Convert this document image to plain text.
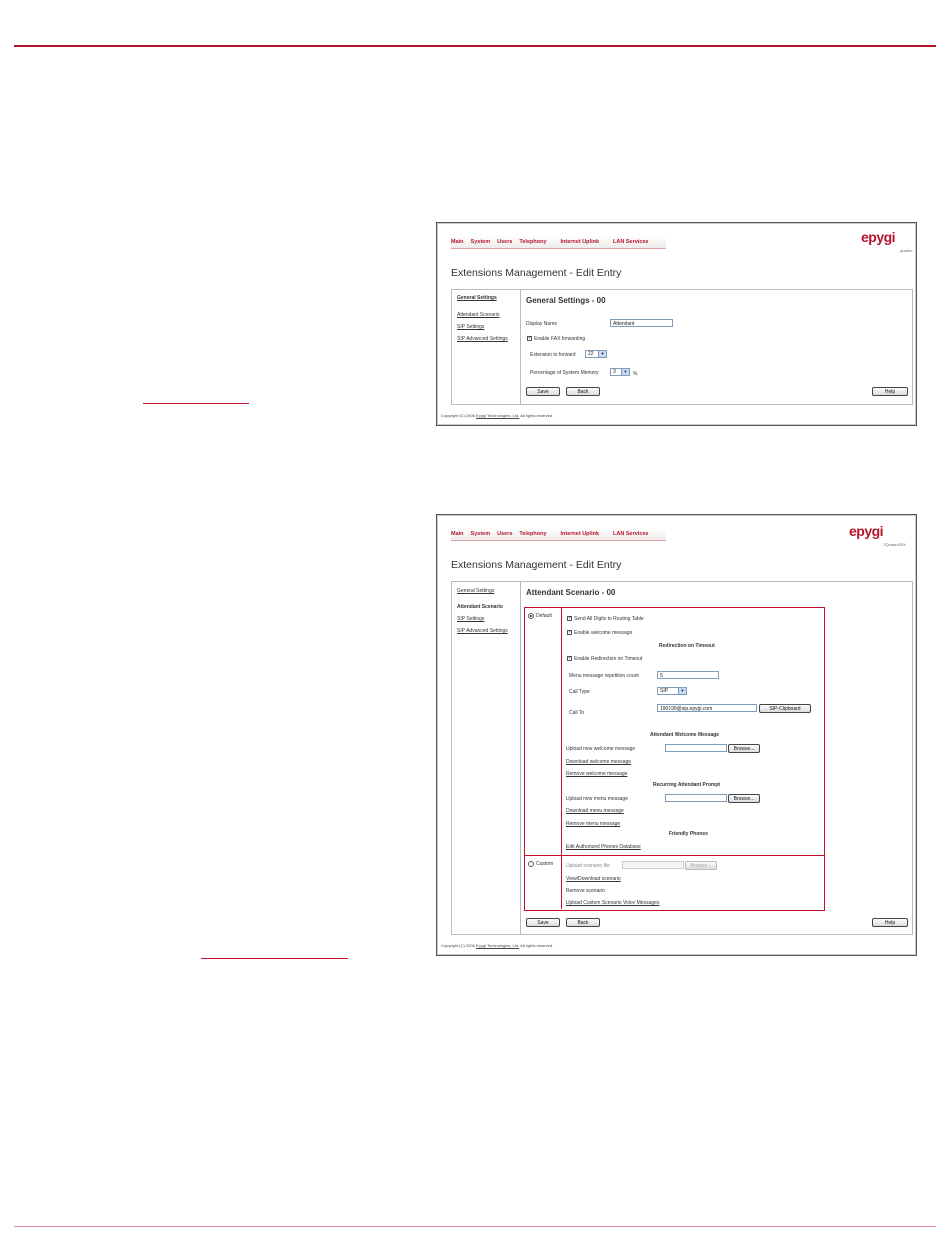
Main System Users Telephony	Internet Uplink	LAN Services	epygi
quadro
Extensions Management - Edit Entry
General Settings
Attendant Scenario
SIP Settings
SIP Advanced Settings
General Settings - 00
Display Name	Attendant
✓ Enable FAX forwarding
Extension to forward	22	▼
Percentage of System Memory	3	▼	%
Save	Back	Help
Copyright (C) 2006 Epygi Technologies, Ltd. All rights reserved.
Main System Users Telephony	Internet Uplink	LAN Services	epygi
TQuadro20X
Extensions Management - Edit Entry
General Settings
Attendant Scenario
SIP Settings
SIP Advanced Settings
Attendant Scenario - 00
Default	✓ Send All Digits to Routing Table
✓ Enable welcome message
Redirection on Timeout
✓ Enable Redirection on Timeout
Menu message repetition count	5
Call Type	SIP	▼
Call To
190199@sip.epygi.com	SIP-Clipboard
Attendant Welcome Message
Upload new welcome message	Browse...
Download welcome message
Remove welcome message
Recurring Attendant Prompt
Upload new menu message	Browse...
Download menu message
Remove menu message
Friendly Phones
Edit Authorized Phones Database
Custom	Upload scenario file	Browse...
View/Download scenario
Remove scenario
Upload Custom Scenario Voice Messages
Save	Back	Help
Copyright (C) 2006 Epygi Technologies, Ltd. All rights reserved.
